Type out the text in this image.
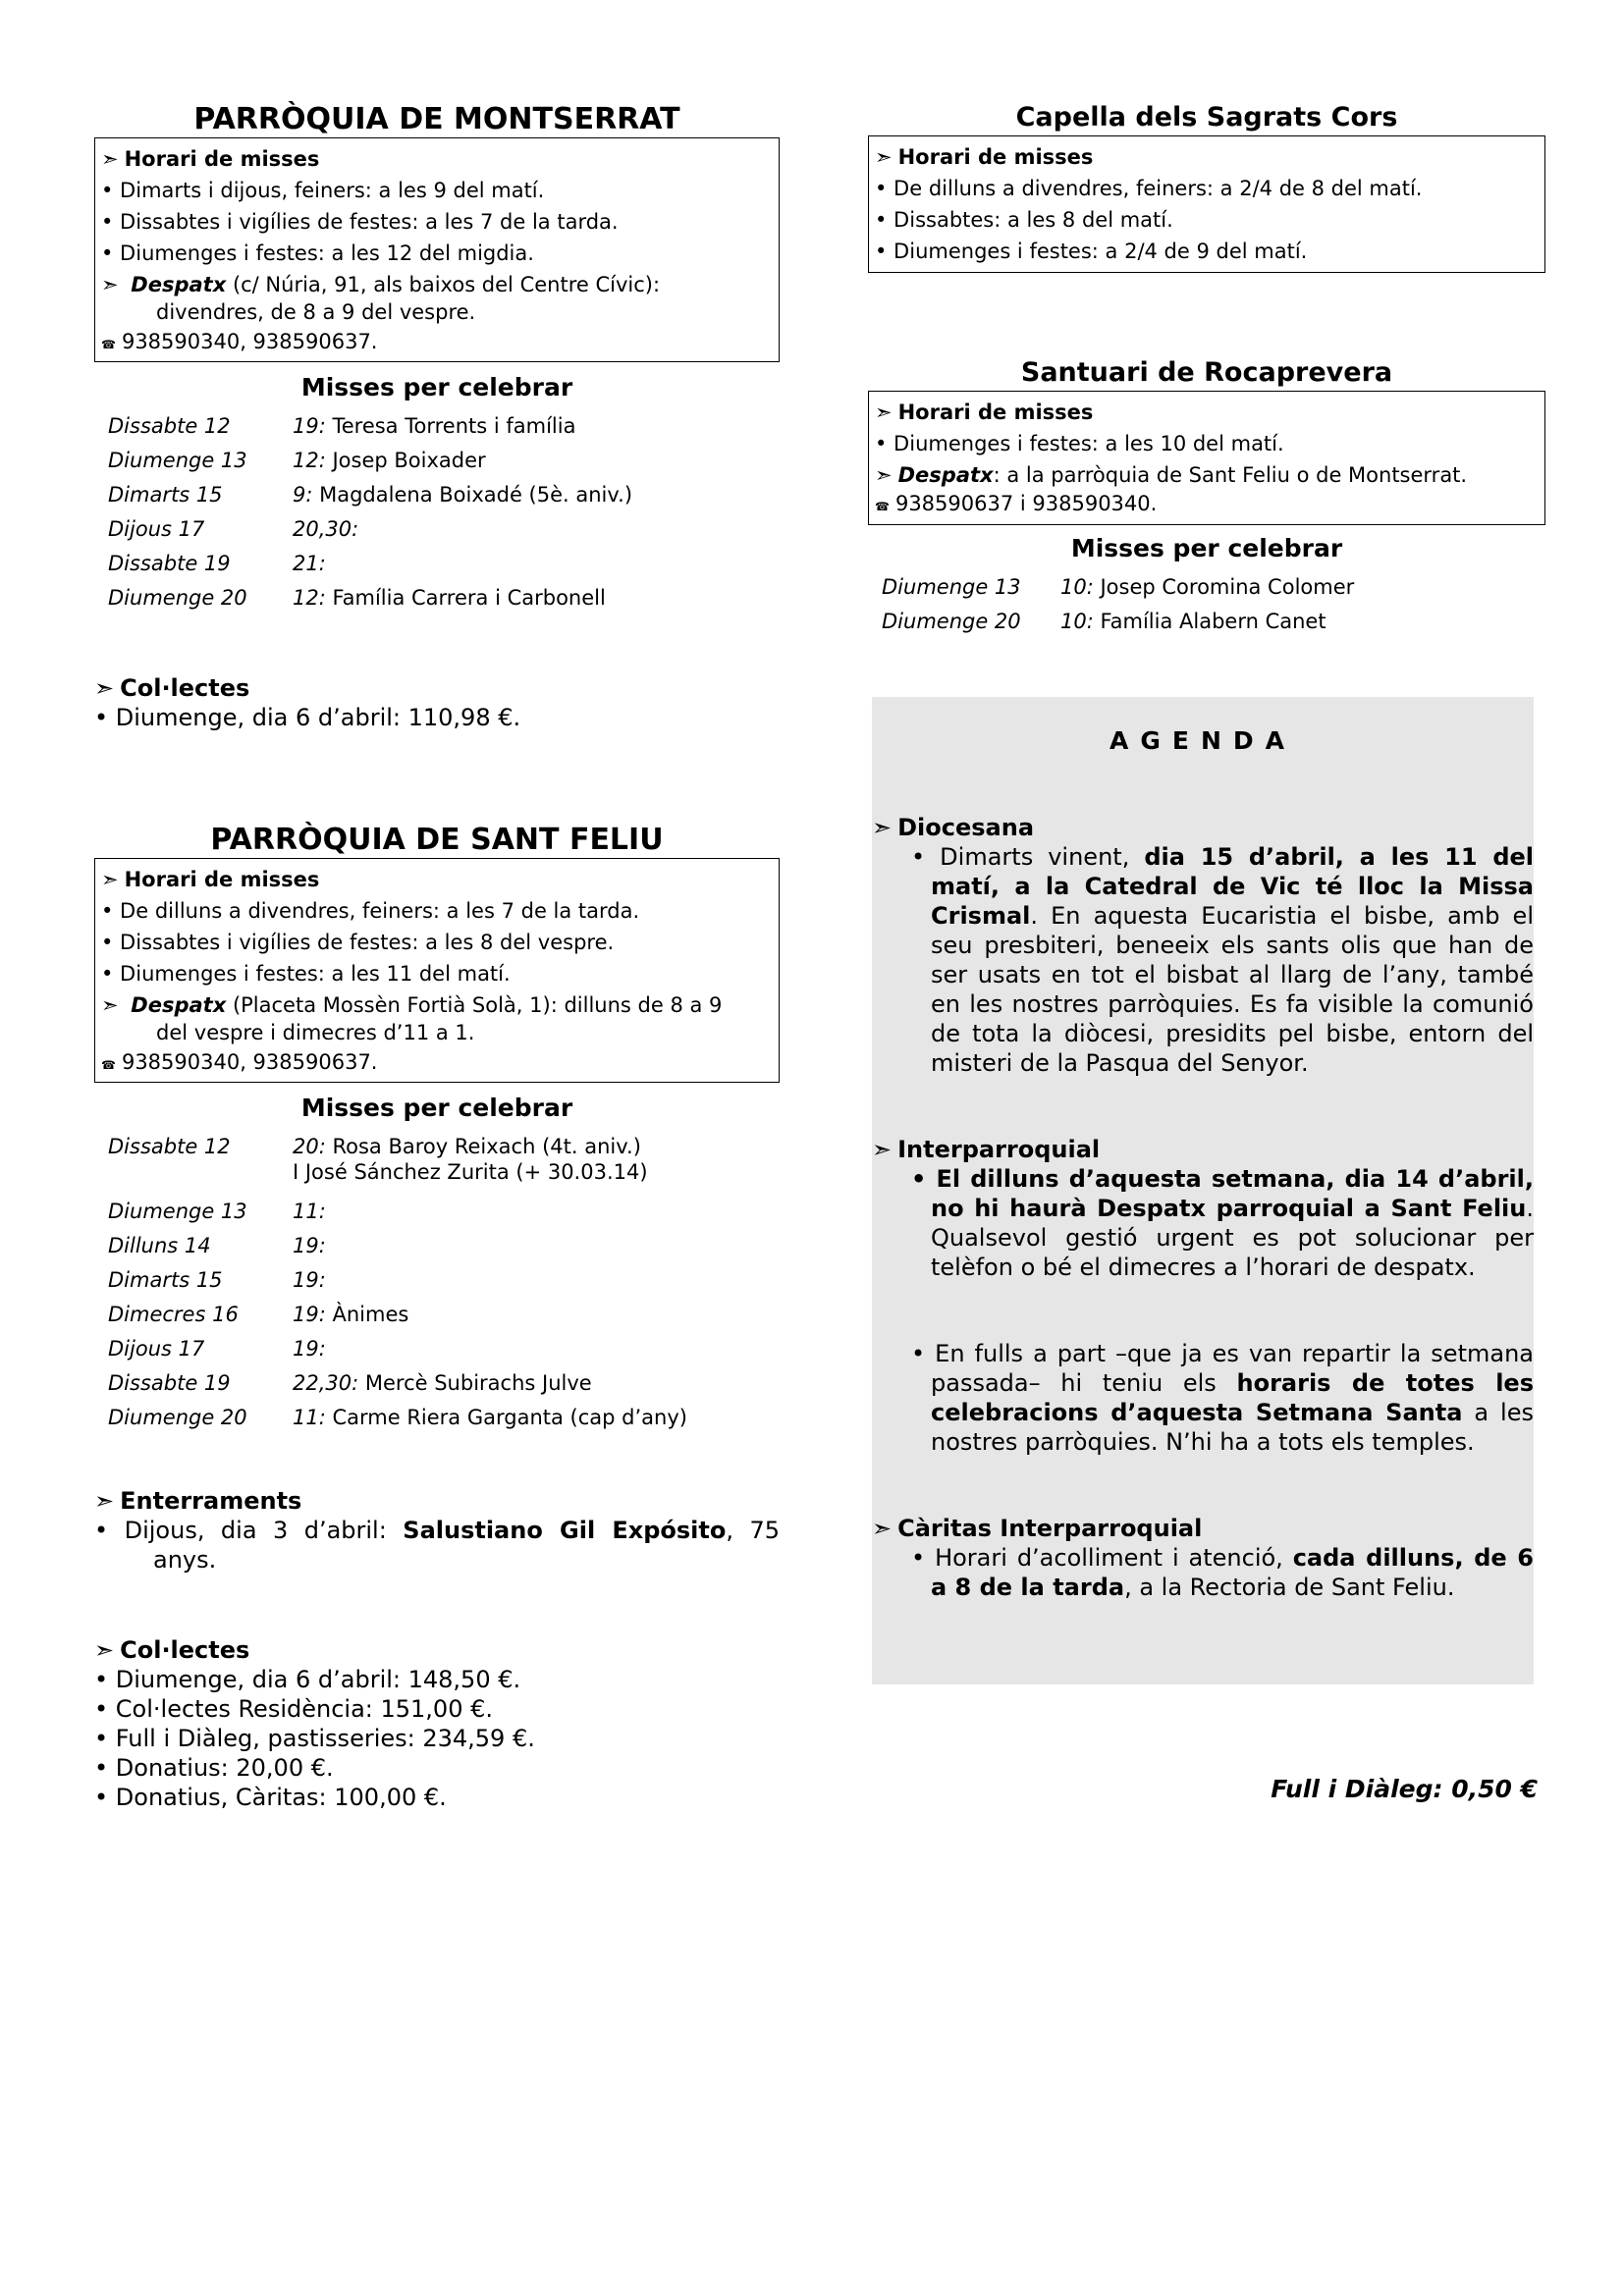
PARRÒQUIA DE MONTSERRAT
➣ Horari de misses
• Dimarts i dijous, feiners: a les 9 del matí.
• Dissabtes i vigílies de festes: a les 7 de la tarda.
• Diumenges i festes: a les 12 del migdia.
➣ Despatx (c/ Núria, 91, als baixos del Centre Cívic):
divendres, de 8 a 9 del vespre.
☎ 938590340, 938590637.
Misses per celebrar
Dissabte 12	19: Teresa Torrents i família
Diumenge 13	12: Josep Boixader
Dimarts 15	9: Magdalena Boixadé (5è. aniv.)
Dijous 17	20,30:
Dissabte 19	21:
Diumenge 20	12: Família Carrera i Carbonell
➣ Col·lectes
• Diumenge, dia 6 d’abril: 110,98 €.
PARRÒQUIA DE SANT FELIU
➣ Horari de misses
• De dilluns a divendres, feiners: a les 7 de la tarda.
• Dissabtes i vigílies de festes: a les 8 del vespre.
• Diumenges i festes: a les 11 del matí.
➣ Despatx (Placeta Mossèn Fortià Solà, 1): dilluns de 8 a 9
del vespre i dimecres d’11 a 1.
☎ 938590340, 938590637.
Misses per celebrar
Dissabte 12	20: Rosa Baroy Reixach (4t. aniv.)
I José Sánchez Zurita (+ 30.03.14)
Diumenge 13	11:
Dilluns 14	19:
Dimarts 15	19:
Dimecres 16	19: Ànimes
Dijous 17	19:
Dissabte 19	22,30: Mercè Subirachs Julve
Diumenge 20	11: Carme Riera Garganta (cap d’any)
➣ Enterraments
• Dijous, dia 3 d’abril: Salustiano Gil Expósito, 75 anys.
➣ Col·lectes
• Diumenge, dia 6 d’abril: 148,50 €.
• Col·lectes Residència: 151,00 €.
• Full i Diàleg, pastisseries: 234,59 €.
• Donatius: 20,00 €.
• Donatius, Càritas: 100,00 €.
Capella dels Sagrats Cors
➣ Horari de misses
• De dilluns a divendres, feiners: a 2/4 de 8 del matí.
• Dissabtes: a les 8 del matí.
• Diumenges i festes: a 2/4 de 9 del matí.
Santuari de Rocaprevera
➣ Horari de misses
• Diumenges i festes: a les 10 del matí.
➣ Despatx: a la parròquia de Sant Feliu o de Montserrat.
☎ 938590637 i 938590340.
Misses per celebrar
Diumenge 13	10: Josep Coromina Colomer
Diumenge 20	10: Família Alabern Canet
AGENDA
➣ Diocesana
• Dimarts vinent, dia 15 d’abril, a les 11 del matí, a la Catedral de Vic té lloc la Missa Crismal. En aquesta Eucaristia el bisbe, amb el seu presbiteri, beneeix els sants olis que han de ser usats en tot el bisbat al llarg de l’any, també en les nostres parròquies. Es fa visible la comunió de tota la diòcesi, presidits pel bisbe, entorn del misteri de la Pasqua del Senyor.
➣ Interparroquial
• El dilluns d’aquesta setmana, dia 14 d’abril, no hi haurà Despatx parroquial a Sant Feliu. Qualsevol gestió urgent es pot solucionar per telèfon o bé el dimecres a l’horari de despatx.
• En fulls a part –que ja es van repartir la setmana passada– hi teniu els horaris de totes les celebracions d’aquesta Setmana Santa a les nostres parròquies. N’hi ha a tots els temples.
➣ Càritas Interparroquial
• Horari d’acolliment i atenció, cada dilluns, de 6 a 8 de la tarda, a la Rectoria de Sant Feliu.
Full i Diàleg: 0,50 €
